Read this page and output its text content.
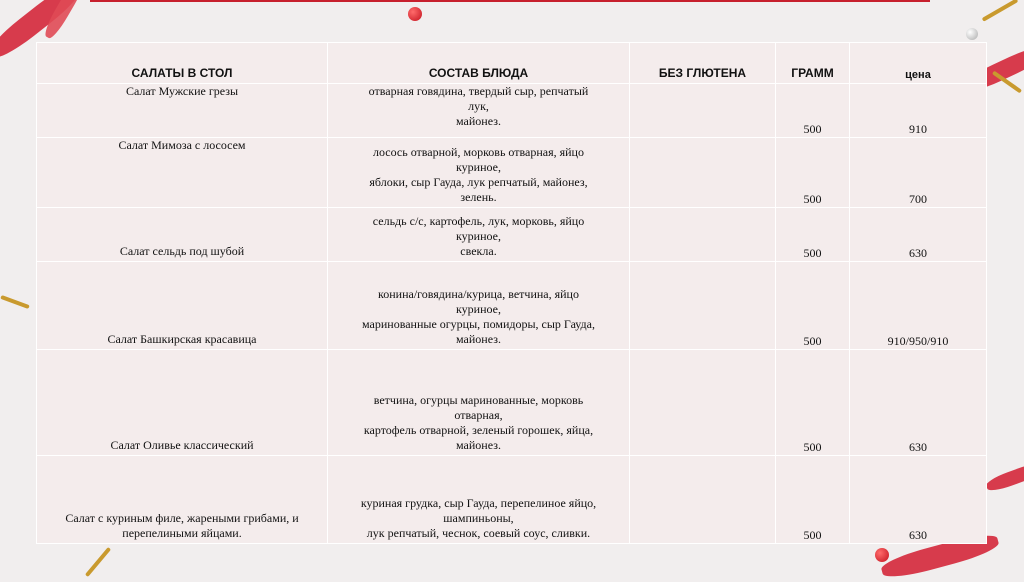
САЛАТЫ В СТОЛ	СОСТАВ БЛЮДА	БЕЗ ГЛЮТЕНА	ГРАММ	цена
Салат Мужские грезы	отварная говядина, твердый сыр, репчатый
лук,
майонез.		500	910
Салат Мимоза с лососем	лосось отварной, морковь отварная, яйцо
куриное,
яблоки, сыр Гауда, лук репчатый, майонез,
зелень.		500	700
Салат сельдь под шубой	сельдь с/с, картофель, лук, морковь, яйцо
куриное,
свекла.		500	630
Салат Башкирская красавица	конина/говядина/курица, ветчина, яйцо
куриное,
маринованные огурцы, помидоры, сыр Гауда,
майонез.		500	910/950/910
Салат Оливье классический	ветчина, огурцы маринованные, морковь
отварная,
картофель отварной, зеленый горошек, яйца,
майонез.		500	630
Салат с куриным филе, жареными грибами, и перепелиными яйцами.	куриная грудка, сыр Гауда, перепелиное яйцо,
шампиньоны,
лук репчатый, чеснок, соевый соус, сливки.		500	630
